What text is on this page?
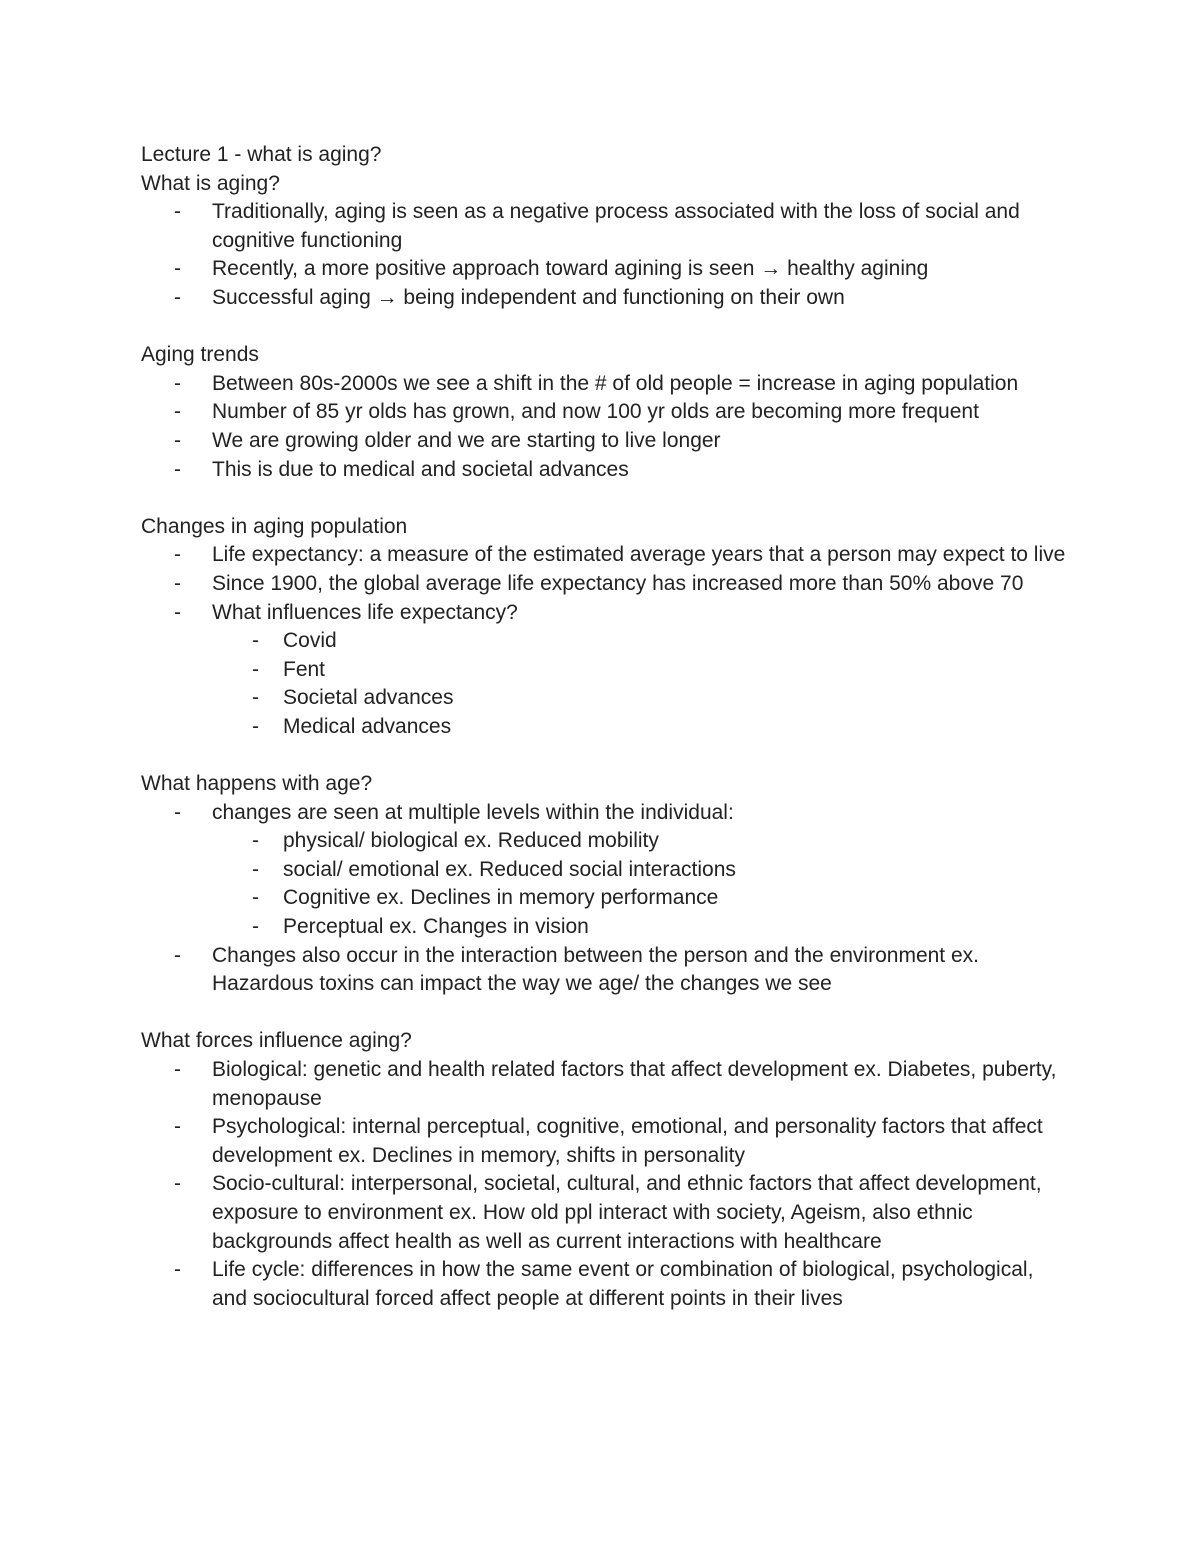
Lecture 1 - what is aging?

What is aging?

- Traditionally, aging is seen as a negative process associated with the loss of social and cognitive functioning
- Recently, a more positive approach toward agining is seen → healthy agining
- Successful aging → being independent and functioning on their own

Aging trends

- Between 80s-2000s we see a shift in the # of old people = increase in aging population
- Number of 85 yr olds has grown, and now 100 yr olds are becoming more frequent
- We are growing older and we are starting to live longer
- This is due to medical and societal advances

Changes in aging population

- Life expectancy: a measure of the estimated average years that a person may expect to live
- Since 1900, the global average life expectancy has increased more than 50% above 70
- What influences life expectancy?
- Covid
- Fent
- Societal advances
- Medical advances

What happens with age?

- changes are seen at multiple levels within the individual:
- physical/ biological ex. Reduced mobility
- social/ emotional ex. Reduced social interactions
- Cognitive ex. Declines in memory performance
- Perceptual ex. Changes in vision
- Changes also occur in the interaction between the person and the environment ex. Hazardous toxins can impact the way we age/ the changes we see

What forces influence aging?

- Biological: genetic and health related factors that affect development ex. Diabetes, puberty, menopause
- Psychological: internal perceptual, cognitive, emotional, and personality factors that affect development ex. Declines in memory, shifts in personality
- Socio-cultural: interpersonal, societal, cultural, and ethnic factors that affect development, exposure to environment ex. How old ppl interact with society, Ageism, also ethnic backgrounds affect health as well as current interactions with healthcare
- Life cycle: differences in how the same event or combination of biological, psychological, and sociocultural forced affect people at different points in their lives
